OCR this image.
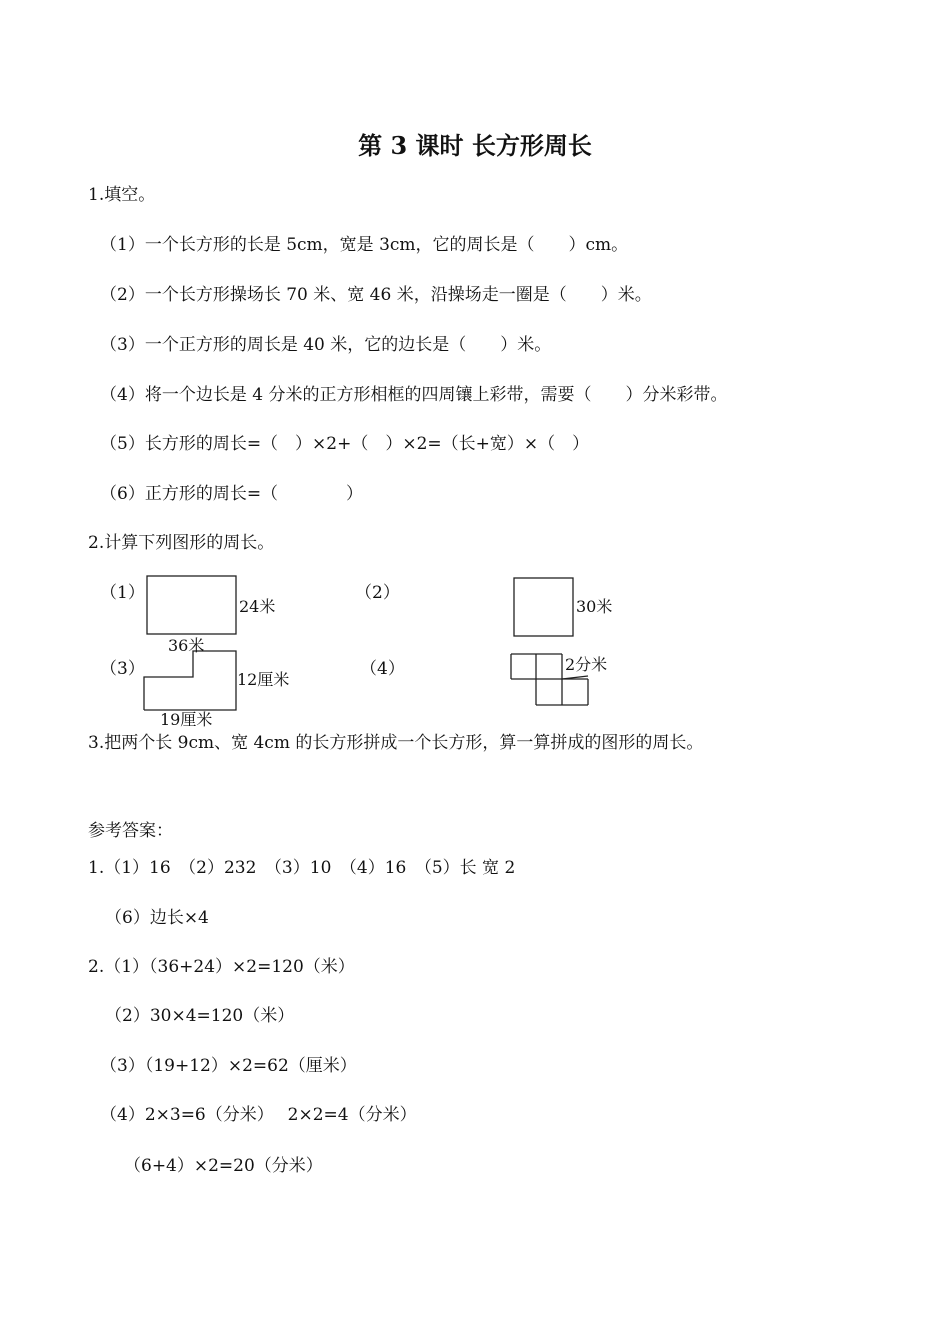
第 3 课时 长方形周长
1.填空。
（1）一个长方形的长是 5cm，宽是 3cm，它的周长是（　　）cm。
（2）一个长方形操场长 70 米、宽 46 米，沿操场走一圈是（　　）米。
（3）一个正方形的周长是 40 米，它的边长是（　　）米。
（4）将一个边长是 4 分米的正方形相框的四周镶上彩带，需要（　　）分米彩带。
（5）长方形的周长=（　）×2+（　）×2=（长+宽）×（　）
（6）正方形的周长=（　　　　）
2.计算下列图形的周长。
（1）	（2）
（3）	（4）
24米
36米
30米
12厘米
19厘米
2分米
3.把两个长 9cm、宽 4cm 的长方形拼成一个长方形，算一算拼成的图形的周长。
参考答案：
1.（1）16　（2）232　（3）10　（4）16　（5）长 宽 2
（6）边长×4
2.（1）（36+24）×2=120（米）
（2）30×4=120（米）
（3）（19+12）×2=62（厘米）
（4）2×3=6（分米）　 2×2=4（分米）
（6+4）×2=20（分米）
